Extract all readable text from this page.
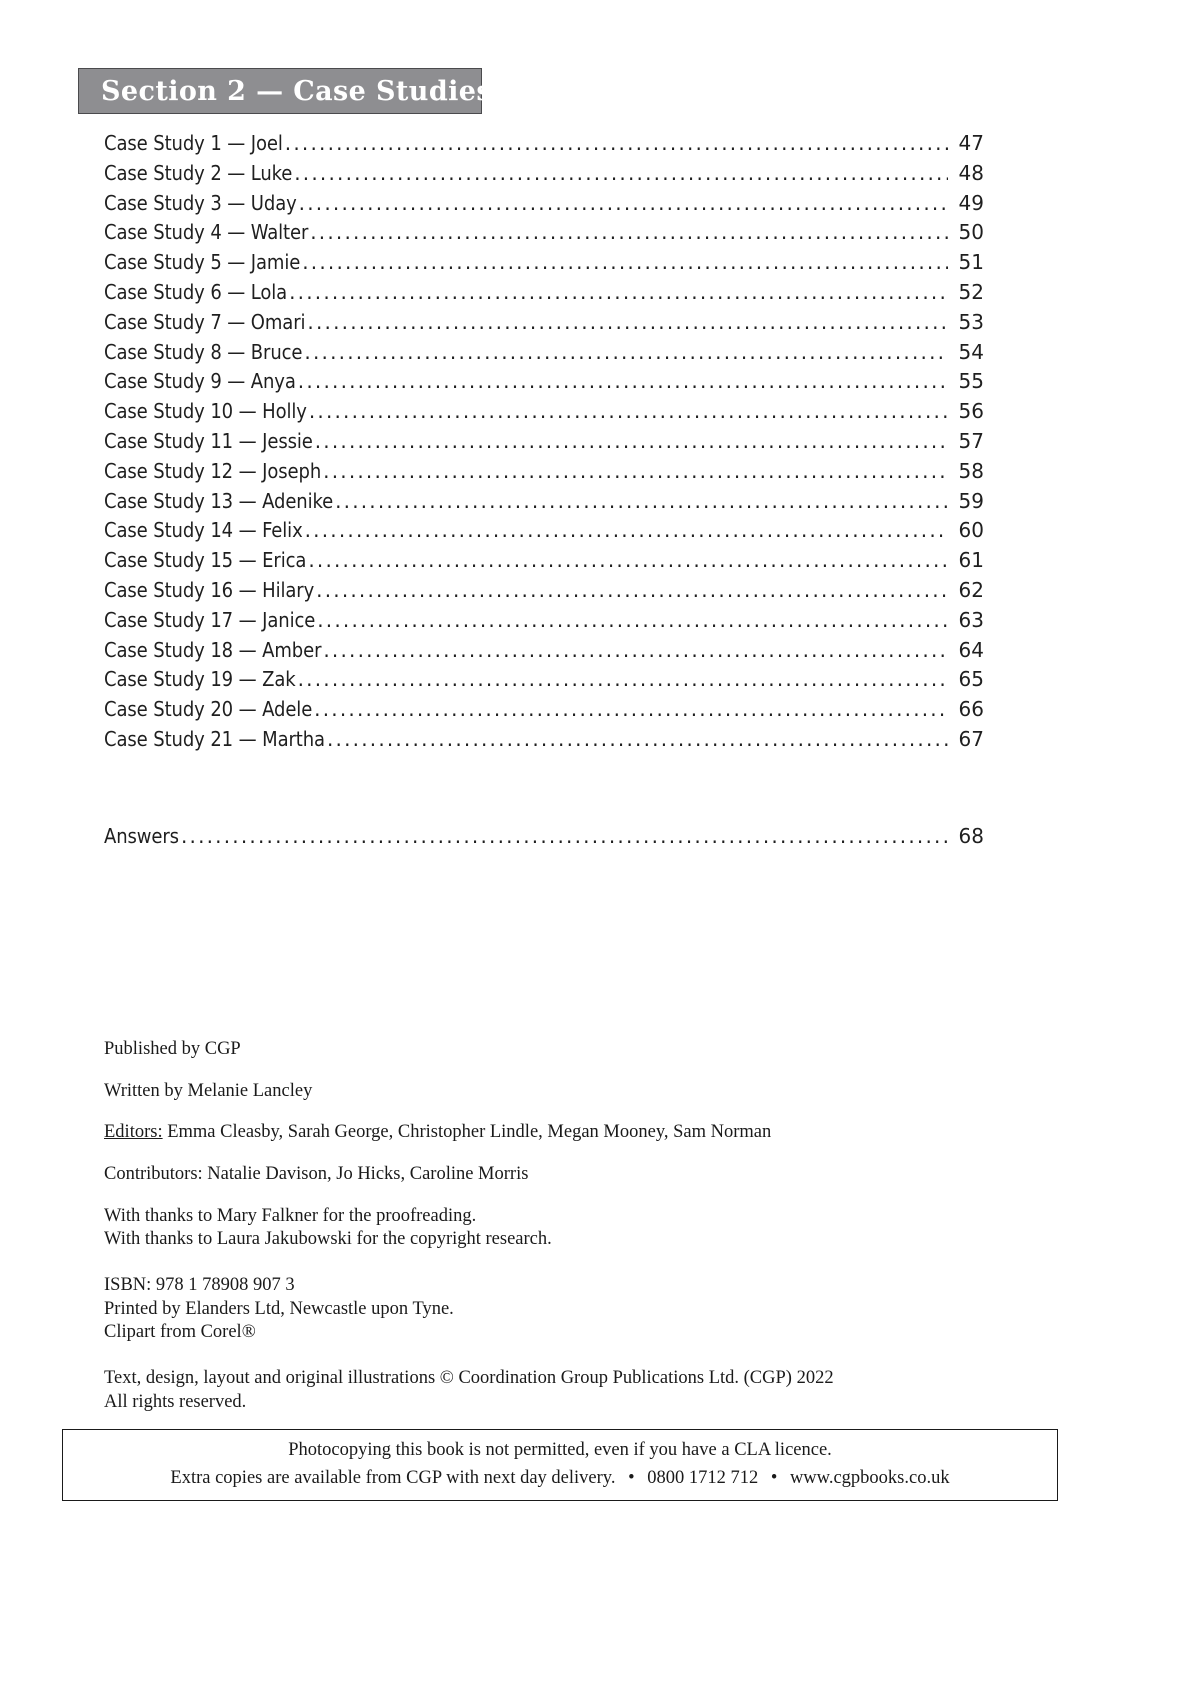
Section 2 — Case Studies
Case Study 1 — Joel .....	47
Case Study 2 — Luke .....	48
Case Study 3 — Uday .....	49
Case Study 4 — Walter .....	50
Case Study 5 — Jamie .....	51
Case Study 6 — Lola .....	52
Case Study 7 — Omari .....	53
Case Study 8 — Bruce .....	54
Case Study 9 — Anya .....	55
Case Study 10 — Holly .....	56
Case Study 11 — Jessie .....	57
Case Study 12 — Joseph .....	58
Case Study 13 — Adenike .....	59
Case Study 14 — Felix .....	60
Case Study 15 — Erica .....	61
Case Study 16 — Hilary .....	62
Case Study 17 — Janice .....	63
Case Study 18 — Amber .....	64
Case Study 19 — Zak .....	65
Case Study 20 — Adele .....	66
Case Study 21 — Martha .....	67
Answers .....	68

Published by CGP

Written by Melanie Lancley

Editors: Emma Cleasby, Sarah George, Christopher Lindle, Megan Mooney, Sam Norman

Contributors: Natalie Davison, Jo Hicks, Caroline Morris

With thanks to Mary Falkner for the proofreading.

With thanks to Laura Jakubowski for the copyright research.

ISBN: 978 1 78908 907 3

Printed by Elanders Ltd, Newcastle upon Tyne.

Clipart from Corel®

Text, design, layout and original illustrations © Coordination Group Publications Ltd. (CGP) 2022

All rights reserved.

Photocopying this book is not permitted, even if you have a CLA licence.
Extra copies are available from CGP with next day delivery. • 0800 1712 712 • www.cgpbooks.co.uk
